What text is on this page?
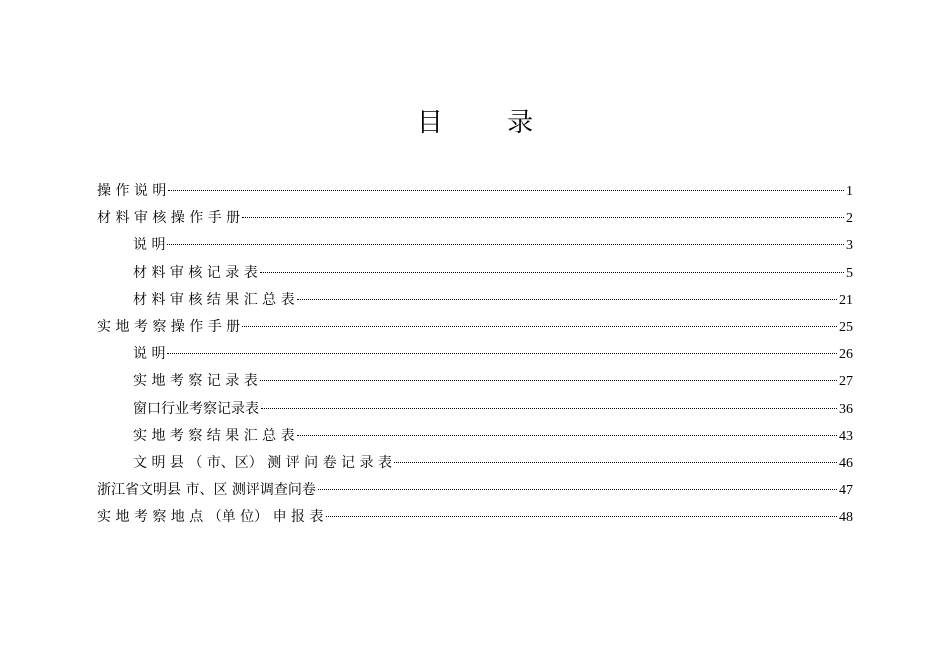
目 录
操 作 说 明	1
材 料 审 核 操 作 手 册	2
说 明	3
材 料 审 核 记 录 表	5
材 料 审 核 结 果 汇 总 表	21
实 地 考 察 操 作 手 册	25
说 明	26
实 地 考 察 记 录 表	27
窗口行业考察记录表	36
实 地 考 察 结 果 汇 总 表	43
文 明 县 （ 市、区） 测 评 问 卷 记 录 表	46
浙江省文明县 市、区 测评调查问卷	47
实 地 考 察 地 点 （单 位） 申 报 表	48
